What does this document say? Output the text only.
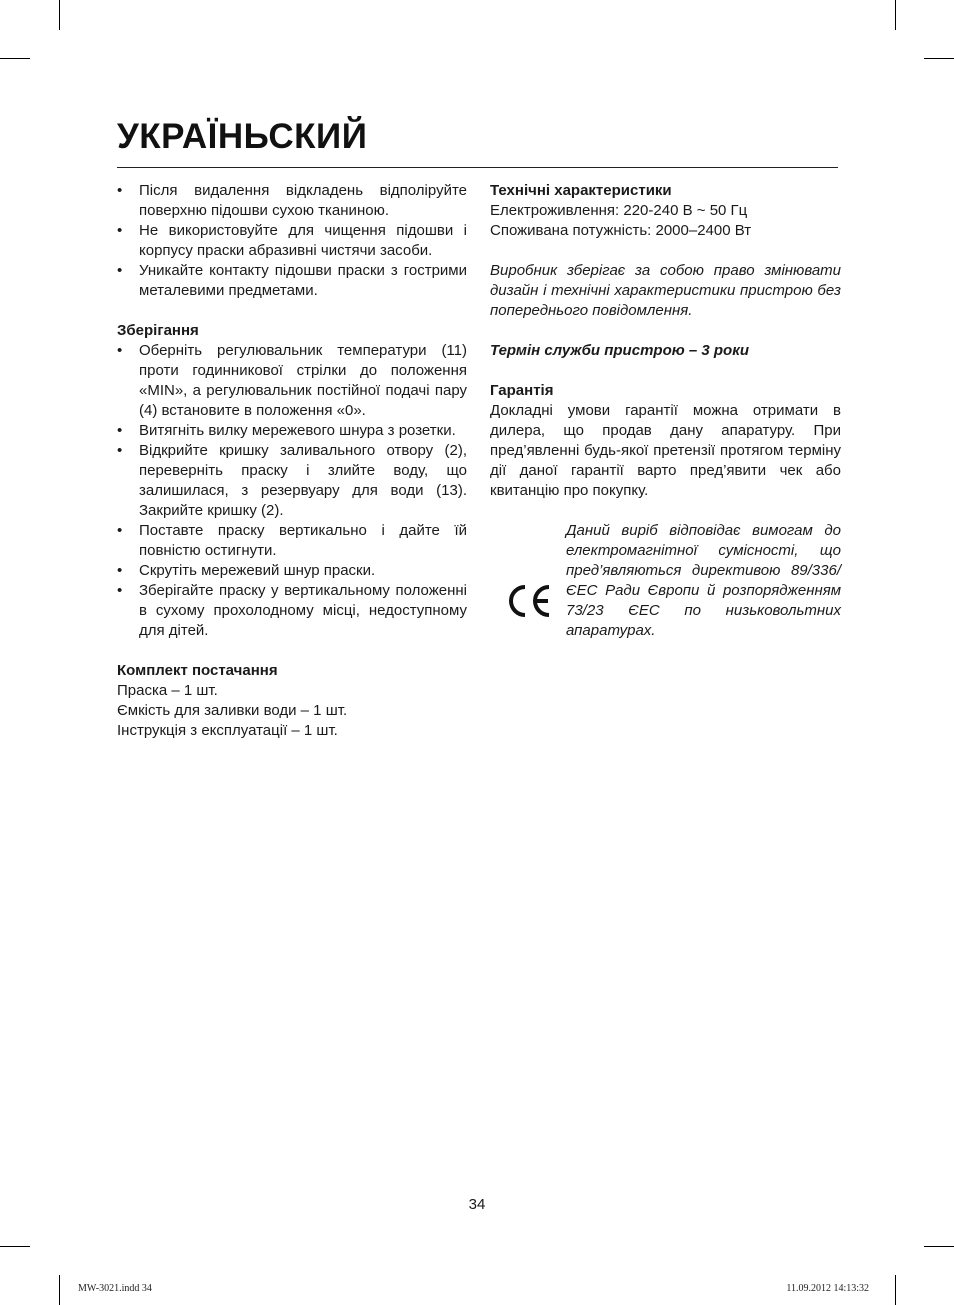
УКРАЇНЬСКИЙ
• Після видалення відкладень відполіруйте поверхню підошви сухою тканиною.
• Не використовуйте для чищення підошви і корпусу праски абразивні чистячи засоби.
• Уникайте контакту підошви праски з гострими металевими предметами.

Зберігання

• Оберніть регулювальник температури (11) проти годинникової стрілки до положення «MIN», а регулювальник постійної подачі пару (4) встановите в положення «0».
• Витягніть вилку мережевого шнура з розетки.
• Відкрийте кришку заливального отвору (2), переверніть праску і злийте воду, що залишилася, з резервуару для води (13). Закрийте кришку (2).
• Поставте праску вертикально і дайте їй повністю остигнути.
• Скрутіть мережевий шнур праски.
• Зберігайте праску у вертикальному положенні в сухому прохолодному місці, недоступному для дітей.

Комплект постачання

Праска – 1 шт.

Ємкість для заливки води – 1 шт.

Інструкція з експлуатації – 1 шт.

Технічні характеристики

Електроживлення: 220-240 В ~ 50 Гц

Споживана потужність: 2000–2400 Вт

Виробник зберігає за собою право змінювати дизайн і технічні характеристики пристрою без попереднього повідомлення.

Термін служби пристрою – 3 роки

Гарантія

Докладні умови гарантії можна отримати в дилера, що продав дану апаратуру. При пред’явленні будь-якої претензії протягом терміну дії даної гарантії варто пред’явити чек або квитанцію про покупку.

Даний виріб відповідає вимогам до електромагнітної сумісності, що пред’являються директивою 89/336/ЄЕС Ради Європи й розпорядженням 73/23 ЄЕС по низьковольтних апаратурах.

34
MW-3021.indd 34	11.09.2012 14:13:32
